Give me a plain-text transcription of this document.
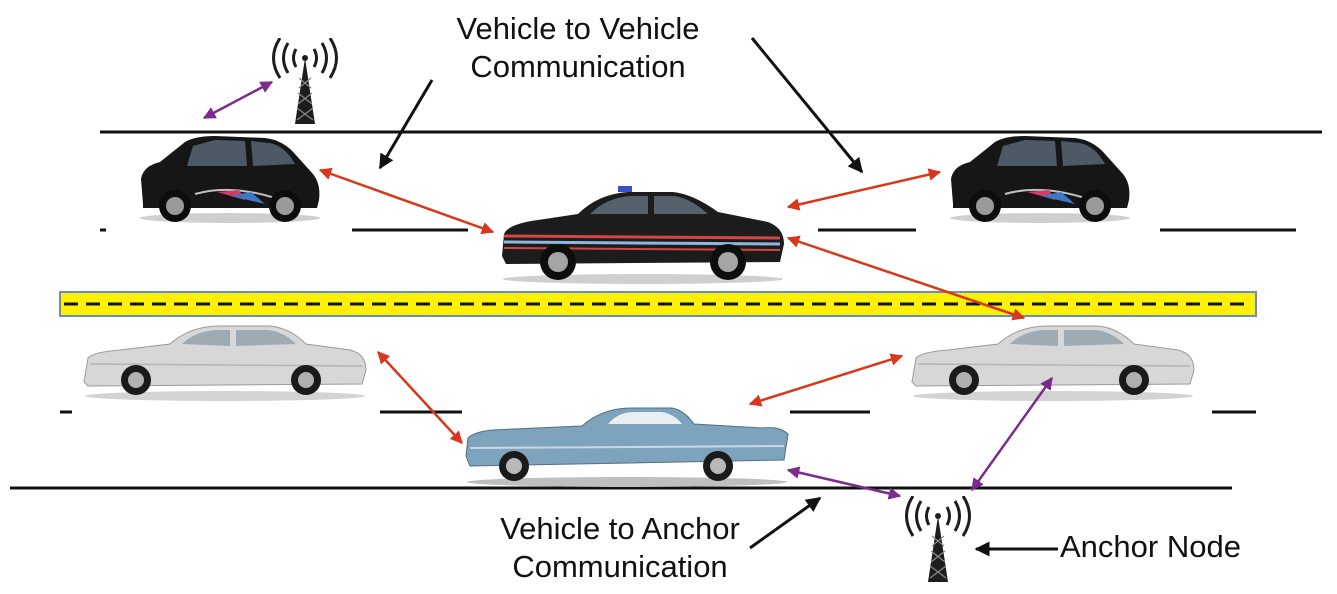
Vehicle to Vehicle
Communication
Vehicle to Anchor
Communication
Anchor Node
